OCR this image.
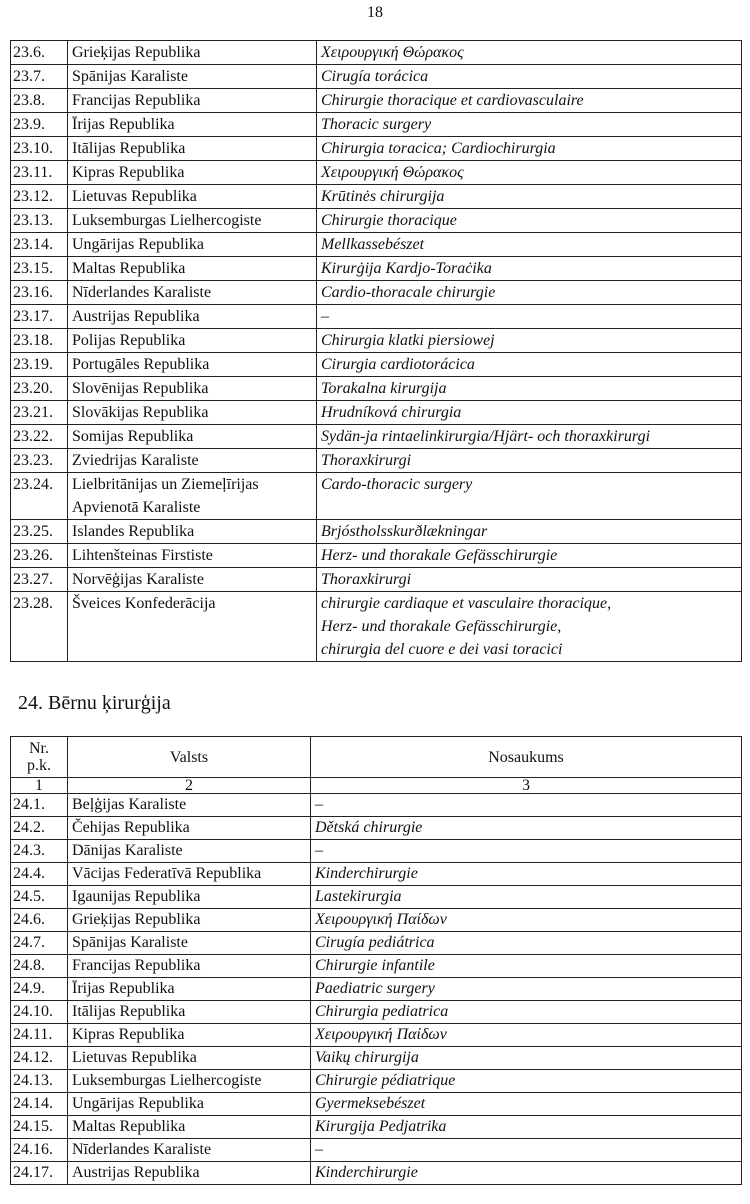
18
23.6.	Grieķijas Republika	Χειρουργική Θώρακος
23.7.	Spānijas Karaliste	Cirugía torácica
23.8.	Francijas Republika	Chirurgie thoracique et cardiovasculaire
23.9.	Īrijas Republika	Thoracic surgery
23.10.	Itālijas Republika	Chirurgia toracica; Cardiochirurgia
23.11.	Kipras Republika	Χειρουργική Θώρακος
23.12.	Lietuvas Republika	Krūtinės chirurgija
23.13.	Luksemburgas Lielhercogiste	Chirurgie thoracique
23.14.	Ungārijas Republika	Mellkassebészet
23.15.	Maltas Republika	Kirurġija Kardjo-Toraċika
23.16.	Nīderlandes Karaliste	Cardio-thoracale chirurgie
23.17.	Austrijas Republika	–
23.18.	Polijas Republika	Chirurgia klatki piersiowej
23.19.	Portugāles Republika	Cirurgia cardiotorácica
23.20.	Slovēnijas Republika	Torakalna kirurgija
23.21.	Slovākijas Republika	Hrudníková chirurgia
23.22.	Somijas Republika	Sydän-ja rintaelinkirurgia/Hjärt- och thoraxkirurgi
23.23.	Zviedrijas Karaliste	Thoraxkirurgi
23.24.	Lielbritānijas un Ziemeļīrijas
Apvienotā Karaliste	Cardo-thoracic surgery
23.25.	Islandes Republika	Brjóstholsskurðlækningar
23.26.	Lihtenšteinas Firstiste	Herz- und thorakale Gefässchirurgie
23.27.	Norvēģijas Karaliste	Thoraxkirurgi
23.28.	Šveices Konfederācija	chirurgie cardiaque et vasculaire thoracique,
Herz- und thorakale Gefässchirurgie,
chirurgia del cuore e dei vasi toracici
24. Bērnu ķirurģija
Nr.
p.k.	Valsts	Nosaukums
1	2	3
24.1.	Beļģijas Karaliste	–
24.2.	Čehijas Republika	Dětská chirurgie
24.3.	Dānijas Karaliste	–
24.4.	Vācijas Federatīvā Republika	Kinderchirurgie
24.5.	Igaunijas Republika	Lastekirurgia
24.6.	Grieķijas Republika	Χειρουργική Παίδων
24.7.	Spānijas Karaliste	Cirugía pediátrica
24.8.	Francijas Republika	Chirurgie infantile
24.9.	Īrijas Republika	Paediatric surgery
24.10.	Itālijas Republika	Chirurgia pediatrica
24.11.	Kipras Republika	Χειρουργική Παίδων
24.12.	Lietuvas Republika	Vaikų chirurgija
24.13.	Luksemburgas Lielhercogiste	Chirurgie pédiatrique
24.14.	Ungārijas Republika	Gyermeksebészet
24.15.	Maltas Republika	Kirurgija Pedjatrika
24.16.	Nīderlandes Karaliste	–
24.17.	Austrijas Republika	Kinderchirurgie
